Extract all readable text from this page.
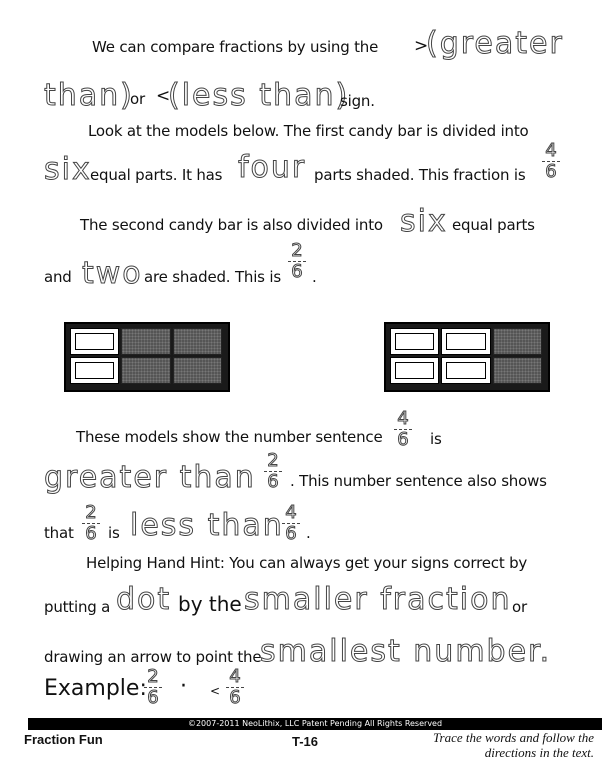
We can compare fractions by using the >
(greater
than)
or <
(less than)
sign.
Look at the models below. The first candy bar is divided into
six
equal parts. It has four parts shaded. This fraction is
4
6
The second candy bar is also divided into six equal parts
and two are shaded. This is
2
6 .
These models show the number sentence
4
6 is
greater than 2
6 . This number sentence also shows
that
2
6 is less than 4
6 .
Helping Hand Hint: You can always get your signs correct by
putting a dot by the smaller fraction or
drawing an arrow to point the
smallest number.
Example: 2
6 · <
4
6
©2007-2011 NeoLithix, LLC Patent Pending All Rights Reserved
Fraction Fun	T-16	Trace the words and follow the
directions in the text.
